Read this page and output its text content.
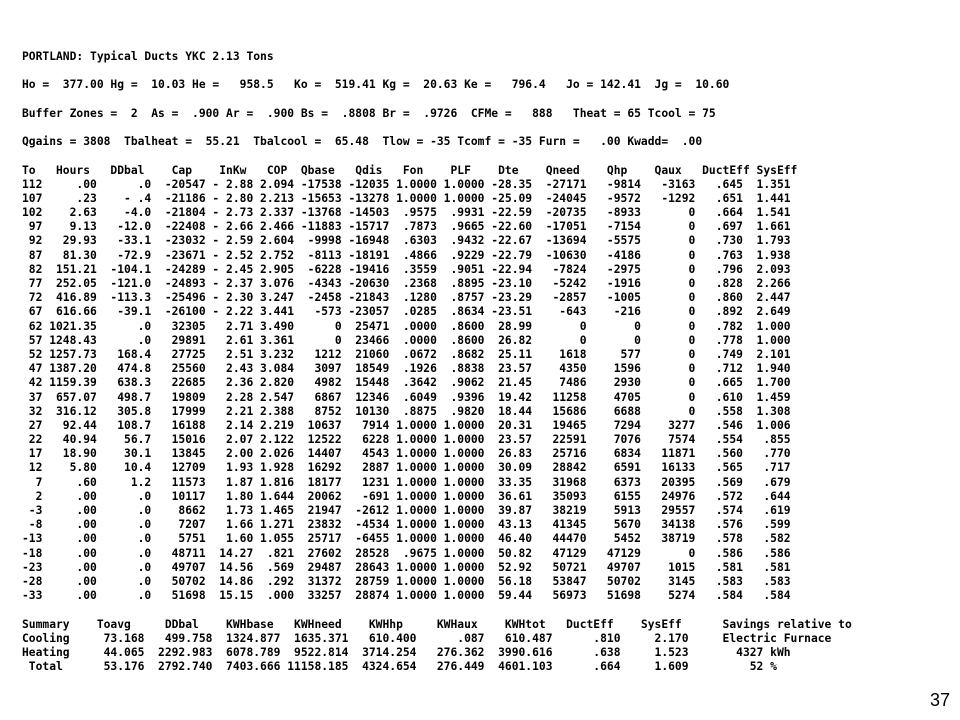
PORTLAND: Typical Ducts YKC 2.13 Tons
Ho =  377.00 Hg =  10.03 He =   958.5   Ko =  519.41 Kg =  20.63 Ke =   796.4   Jo = 142.41  Jg =  10.60
Buffer Zones =  2  As =  .900 Ar =  .900 Bs =  .8808 Br =  .9726  CFMe =   888   Theat = 65 Tcool = 75
Qgains = 3808  Tbalheat =  55.21  Tbalcool =  65.48  Tlow = -35 Tcomf = -35 Furn =   .00 Kwadd=  .00
To   Hours   DDbal    Cap    InKw   COP  Qbase   Qdis   Fon    PLF    Dte    Qneed    Qhp    Qaux   DuctEff SysEff
112     .00      .0  -20547 - 2.88 2.094 -17538 -12035 1.0000 1.0000 -28.35  -27171   -9814   -3163   .645  1.351
107     .23    - .4  -21186 - 2.80 2.213 -15653 -13278 1.0000 1.0000 -25.09  -24045   -9572   -1292   .651  1.441
102    2.63    -4.0  -21804 - 2.73 2.337 -13768 -14503  .9575  .9931 -22.59  -20735   -8933       0   .664  1.541
97    9.13   -12.0  -22408 - 2.66 2.466 -11883 -15717  .7873  .9665 -22.60  -17051   -7154       0   .697  1.661
92   29.93   -33.1  -23032 - 2.59 2.604  -9998 -16948  .6303  .9432 -22.67  -13694   -5575       0   .730  1.793
87   81.30   -72.9  -23671 - 2.52 2.752  -8113 -18191  .4866  .9229 -22.79  -10630   -4186       0   .763  1.938
82  151.21  -104.1  -24289 - 2.45 2.905  -6228 -19416  .3559  .9051 -22.94   -7824   -2975       0   .796  2.093
77  252.05  -121.0  -24893 - 2.37 3.076  -4343 -20630  .2368  .8895 -23.10   -5242   -1916       0   .828  2.266
72  416.89  -113.3  -25496 - 2.30 3.247  -2458 -21843  .1280  .8757 -23.29   -2857   -1005       0   .860  2.447
67  616.66   -39.1  -26100 - 2.22 3.441   -573 -23057  .0285  .8634 -23.51    -643    -216       0   .892  2.649
62 1021.35      .0   32305   2.71 3.490      0  25471  .0000  .8600  28.99       0       0       0   .782  1.000
57 1248.43      .0   29891   2.61 3.361      0  23466  .0000  .8600  26.82       0       0       0   .778  1.000
52 1257.73   168.4   27725   2.51 3.232   1212  21060  .0672  .8682  25.11    1618     577       0   .749  2.101
47 1387.20   474.8   25560   2.43 3.084   3097  18549  .1926  .8838  23.57    4350    1596       0   .712  1.940
42 1159.39   638.3   22685   2.36 2.820   4982  15448  .3642  .9062  21.45    7486    2930       0   .665  1.700
37  657.07   498.7   19809   2.28 2.547   6867  12346  .6049  .9396  19.42   11258    4705       0   .610  1.459
32  316.12   305.8   17999   2.21 2.388   8752  10130  .8875  .9820  18.44   15686    6688       0   .558  1.308
27   92.44   108.7   16188   2.14 2.219  10637   7914 1.0000 1.0000  20.31   19465    7294    3277   .546  1.006
22   40.94    56.7   15016   2.07 2.122  12522   6228 1.0000 1.0000  23.57   22591    7076    7574   .554   .855
17   18.90    30.1   13845   2.00 2.026  14407   4543 1.0000 1.0000  26.83   25716    6834   11871   .560   .770
12    5.80    10.4   12709   1.93 1.928  16292   2887 1.0000 1.0000  30.09   28842    6591   16133   .565   .717
7     .60     1.2   11573   1.87 1.816  18177   1231 1.0000 1.0000  33.35   31968    6373   20395   .569   .679
2     .00      .0   10117   1.80 1.644  20062   -691 1.0000 1.0000  36.61   35093    6155   24976   .572   .644
-3     .00      .0    8662   1.73 1.465  21947  -2612 1.0000 1.0000  39.87   38219    5913   29557   .574   .619
-8     .00      .0    7207   1.66 1.271  23832  -4534 1.0000 1.0000  43.13   41345    5670   34138   .576   .599
-13     .00      .0    5751   1.60 1.055  25717  -6455 1.0000 1.0000  46.40   44470    5452   38719   .578   .582
-18     .00      .0   48711  14.27  .821  27602  28528  .9675 1.0000  50.82   47129   47129       0   .586   .586
-23     .00      .0   49707  14.56  .569  29487  28643 1.0000 1.0000  52.92   50721   49707    1015   .581   .581
-28     .00      .0   50702  14.86  .292  31372  28759 1.0000 1.0000  56.18   53847   50702    3145   .583   .583
-33     .00      .0   51698  15.15  .000  33257  28874 1.0000 1.0000  59.44   56973   51698    5274   .584   .584
Summary    Toavg     DDbal    KWHbase   KWHneed    KWHhp     KWHaux    KWHtot   DuctEff    SysEff      Savings relative to
Cooling     73.168   499.758  1324.877  1635.371   610.400      .087   610.487      .810     2.170     Electric Furnace
Heating     44.065  2292.983  6078.789  9522.814  3714.254   276.362  3990.616      .638     1.523       4327 kWh
Total      53.176  2792.740  7403.666 11158.185  4324.654   276.449  4601.103      .664     1.609         52 %
37
